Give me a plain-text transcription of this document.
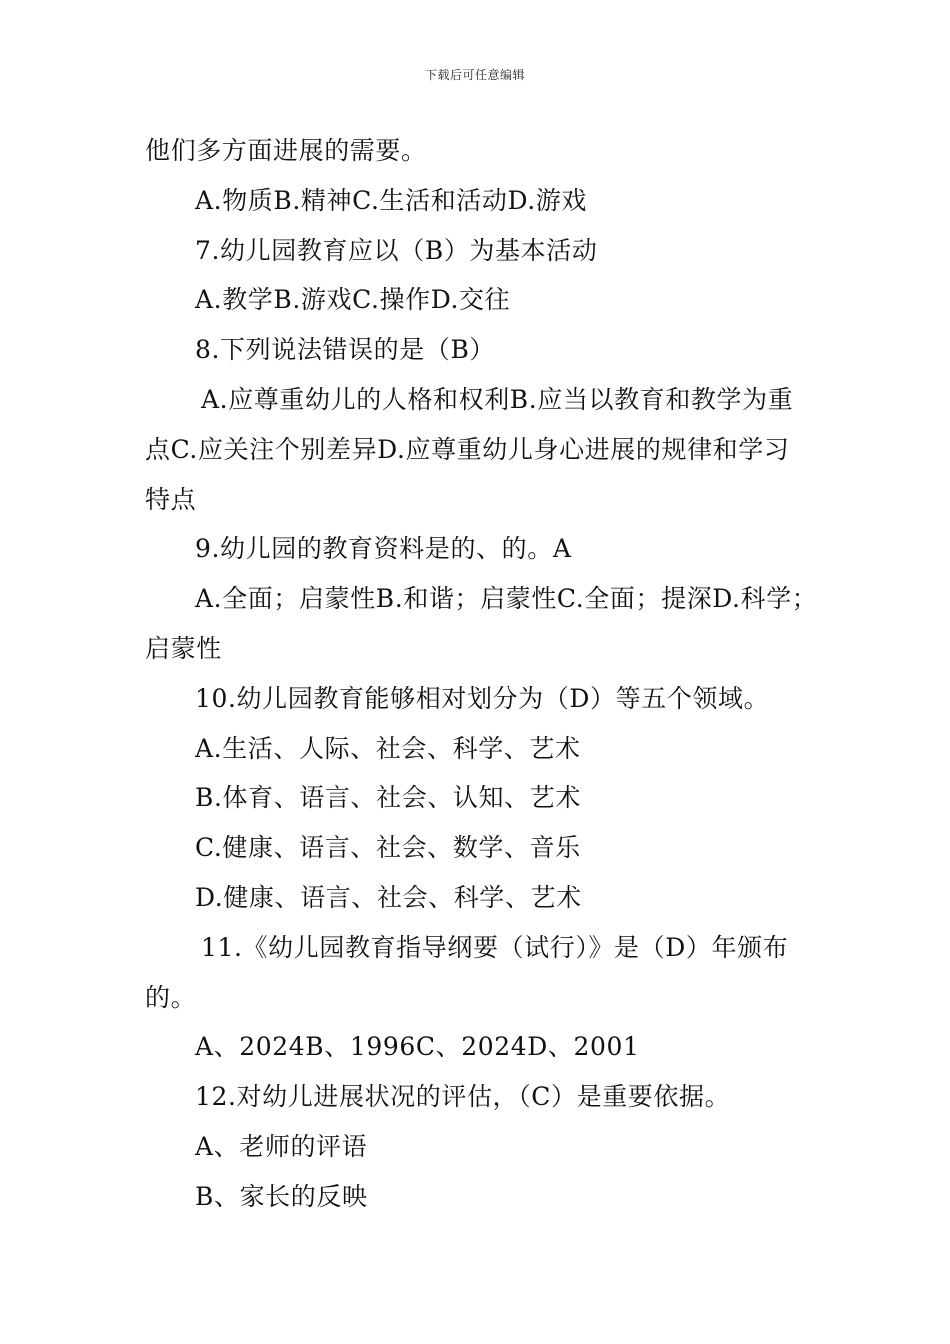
下载后可任意编辑
他们多方面进展的需要。
A.物质B.精神C.生活和活动D.游戏
7.幼儿园教育应以（B）为基本活动
A.教学B.游戏C.操作D.交往
8.下列说法错误的是（B）
A.应尊重幼儿的人格和权利B.应当以教育和教学为重
点C.应关注个别差异D.应尊重幼儿身心进展的规律和学习
特点
9.幼儿园的教育资料是的、的。A
A.全面；启蒙性B.和谐；启蒙性C.全面；提深D.科学；
启蒙性
10.幼儿园教育能够相对划分为（D）等五个领域。
A.生活、人际、社会、科学、艺术
B.体育、语言、社会、认知、艺术
C.健康、语言、社会、数学、音乐
D.健康、语言、社会、科学、艺术
11.《幼儿园教育指导纲要（试行）》是（D）年颁布
的。
A、2024B、1996C、2024D、2001
12.对幼儿进展状况的评估，（C）是重要依据。
A、老师的评语
B、家长的反映
